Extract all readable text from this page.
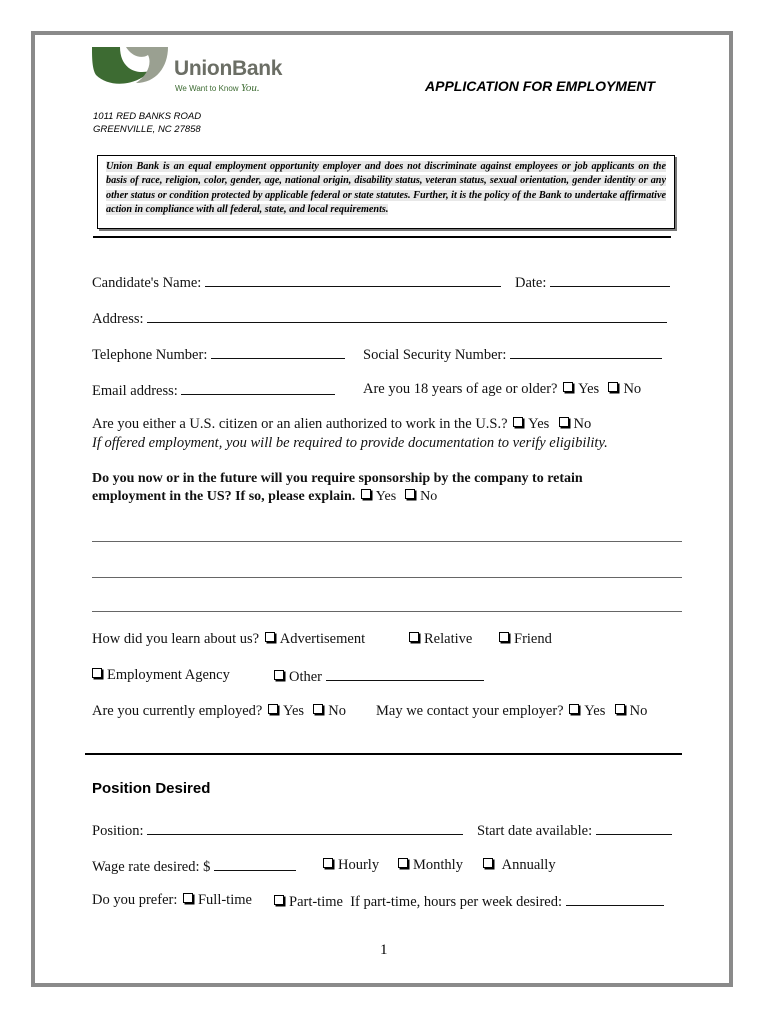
UnionBank
We Want to Know You.	APPLICATION FOR EMPLOYMENT
1011 RED BANKS ROAD
GREENVILLE, NC 27858
Union Bank is an equal employment opportunity employer and does not discriminate against employees or job applicants on the basis of race, religion, color, gender, age, national origin, disability status, veteran status, sexual orientation, gender identity or any other status or condition protected by applicable federal or state statutes. Further, it is the policy of the Bank to undertake affirmative action in compliance with all federal, state, and local requirements.
Candidate's Name:	Date:
Address:
Telephone Number:	Social Security Number:
Email address:	Are you 18 years of age or older? Yes No
Are you either a U.S. citizen or an alien authorized to work in the U.S.? Yes No
If offered employment, you will be required to provide documentation to verify eligibility.
Do you now or in the future will you require sponsorship by the company to retain
employment in the US? If so, please explain. Yes No
How did you learn about us? Advertisement	Relative	Friend
Employment Agency	Other
Are you currently employed? Yes No May we contact your employer? Yes No
Position Desired
Position:	Start date available:
Wage rate desired: $	Hourly	Monthly	Annually
Do you prefer: Full-time	Part-time If part-time, hours per week desired:
1
